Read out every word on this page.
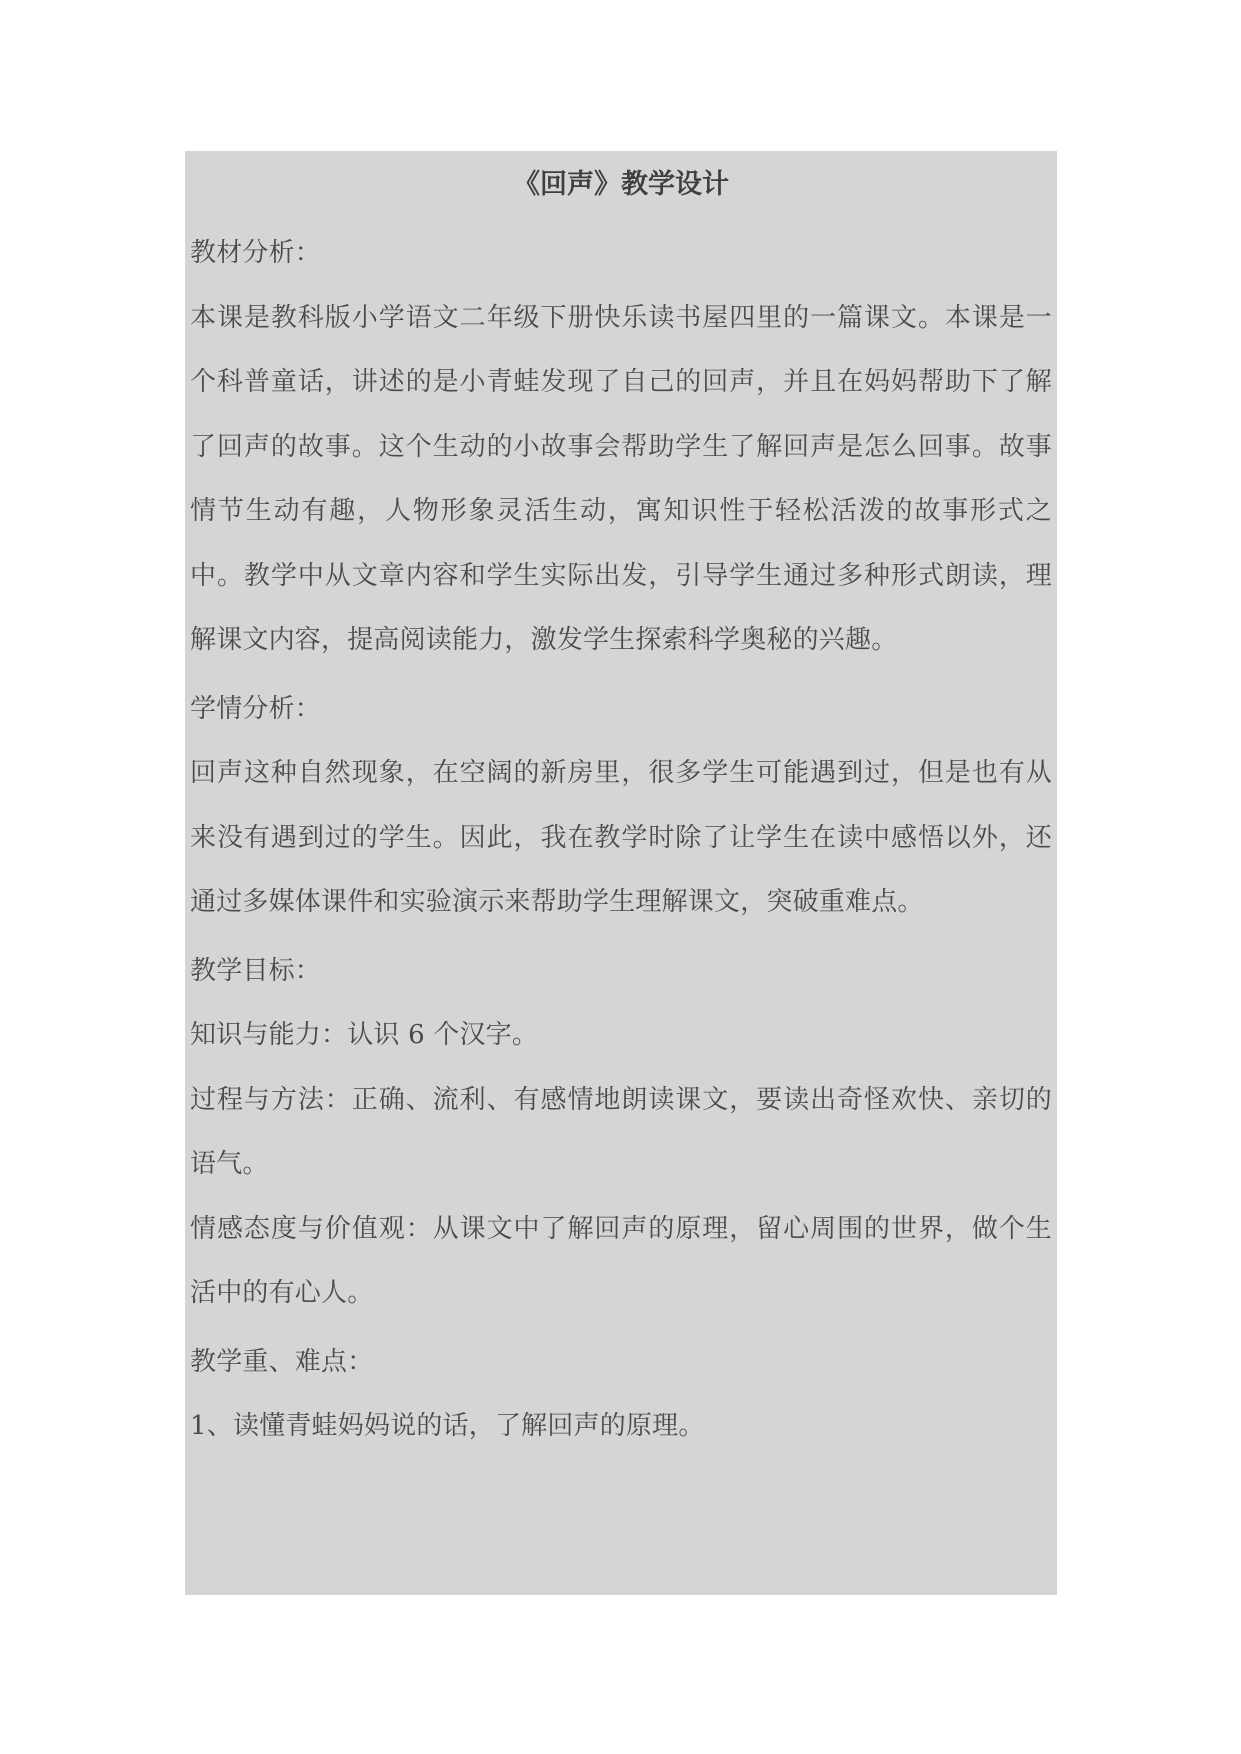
《回声》教学设计

教材分析：

本课是教科版小学语文二年级下册快乐读书屋四里的一篇课文。本课是一个科普童话，讲述的是小青蛙发现了自己的回声，并且在妈妈帮助下了解了回声的故事。这个生动的小故事会帮助学生了解回声是怎么回事。故事情节生动有趣，人物形象灵活生动，寓知识性于轻松活泼的故事形式之中。教学中从文章内容和学生实际出发，引导学生通过多种形式朗读，理解课文内容，提高阅读能力，激发学生探索科学奥秘的兴趣。

学情分析：

回声这种自然现象，在空阔的新房里，很多学生可能遇到过，但是也有从来没有遇到过的学生。因此，我在教学时除了让学生在读中感悟以外，还通过多媒体课件和实验演示来帮助学生理解课文，突破重难点。

教学目标：

知识与能力：认识 6 个汉字。

过程与方法：正确、流利、有感情地朗读课文，要读出奇怪欢快、亲切的语气。

情感态度与价值观：从课文中了解回声的原理，留心周围的世界，做个生活中的有心人。

教学重、难点：

1、读懂青蛙妈妈说的话，了解回声的原理。
